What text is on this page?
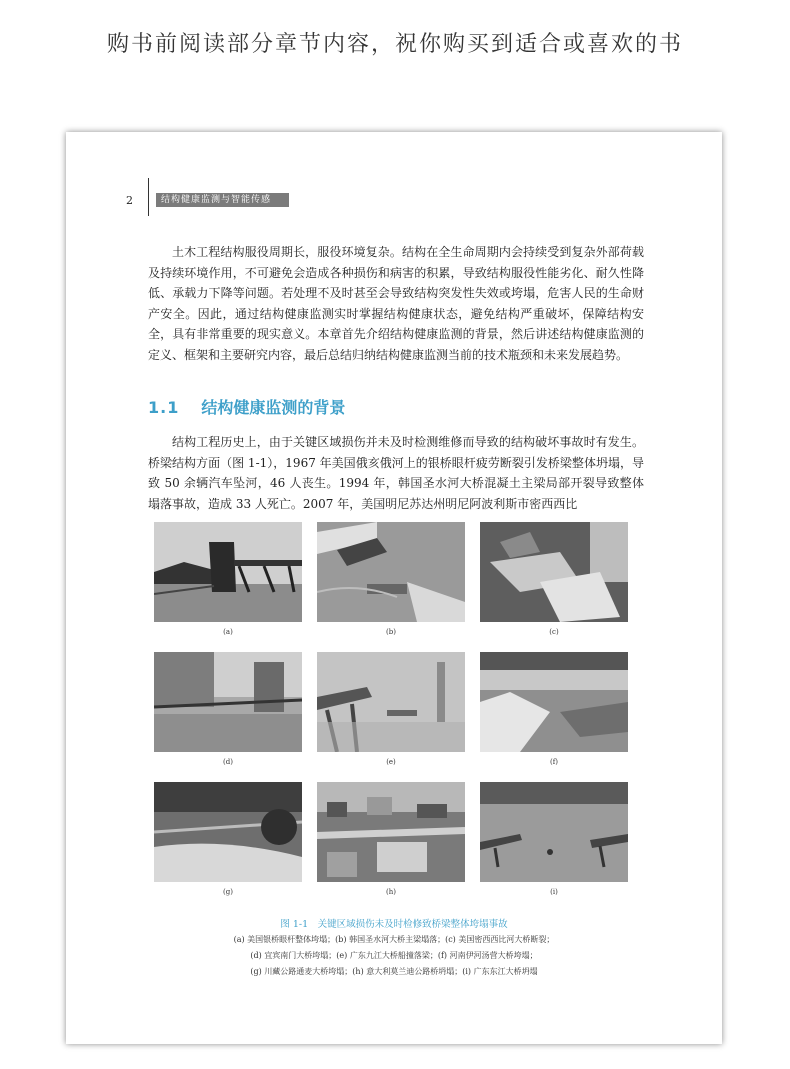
购书前阅读部分章节内容，祝你购买到适合或喜欢的书
2	结构健康监测与智能传感

土木工程结构服役周期长，服役环境复杂。结构在全生命周期内会持续受到复杂外部荷载及持续环境作用，不可避免会造成各种损伤和病害的积累，导致结构服役性能劣化、耐久性降低、承载力下降等问题。若处理不及时甚至会导致结构突发性失效或垮塌，危害人民的生命财产安全。因此，通过结构健康监测实时掌握结构健康状态，避免结构严重破坏，保障结构安全，具有非常重要的现实意义。本章首先介绍结构健康监测的背景，然后讲述结构健康监测的定义、框架和主要研究内容，最后总结归纳结构健康监测当前的技术瓶颈和未来发展趋势。

1.1 结构健康监测的背景

结构工程历史上，由于关键区域损伤并未及时检测维修而导致的结构破坏事故时有发生。桥梁结构方面（图 1-1），1967 年美国俄亥俄河上的银桥眼杆疲劳断裂引发桥梁整体坍塌，导致 50 余辆汽车坠河，46 人丧生。1994 年，韩国圣水河大桥混凝土主梁局部开裂导致整体塌落事故，造成 33 人死亡。2007 年，美国明尼苏达州明尼阿波利斯市密西西比

(a)	(b)	(c)
(d)	(e)	(f)
(g)	(h)	(i)
图 1-1　关键区域损伤未及时检修致桥梁整体垮塌事故
(a) 美国银桥眼杆整体垮塌；(b) 韩国圣水河大桥主梁塌落；(c) 美国密西西比河大桥断裂；
(d) 宜宾南门大桥垮塌；(e) 广东九江大桥船撞落梁；(f) 河南伊河汤营大桥垮塌；
(g) 川藏公路通麦大桥垮塌；(h) 意大利莫兰迪公路桥坍塌；(i) 广东东江大桥坍塌
